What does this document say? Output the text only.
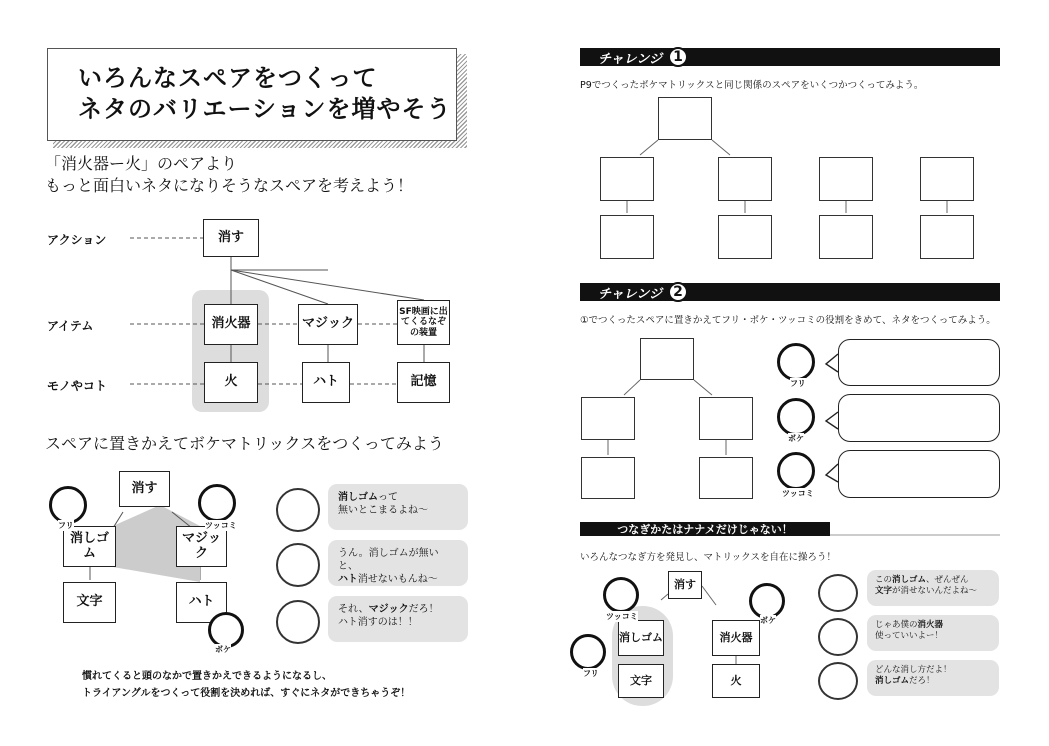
いろんなスペアをつくって
ネタのバリエーションを増やそう
「消火器ー火」のペアより
もっと面白いネタになりそうなスペアを考えよう！
アクション
アイテム
モノやコト
消す
消火器	マジック
SF映画に出てくるなぞの装置
火	ハト	記憶
スペアに置きかえてボケマトリックスをつくってみよう
消す
消しゴム
マジック
文字	ハト
フリ	ツッコミ
ボケ
消しゴムって
無いとこまるよね〜
うん。消しゴムが無いと、
ハト消せないもんね〜
それ、マジックだろ！
ハト消すのは！！
慣れてくると頭のなかで置きかえできるようになるし、
トライアングルをつくって役割を決めれば、すぐにネタができちゃうぞ！
チャレンジ 1
P9でつくったボケマトリックスと同じ関係のスペアをいくつかつくってみよう。
チャレンジ 2
①でつくったスペアに置きかえてフリ・ボケ・ツッコミの役割をきめて、ネタをつくってみよう。
フリ
ボケ
ツッコミ
つなぎかたはナナメだけじゃない！
いろんなつなぎ方を発見し、マトリックスを自在に操ろう！
消す
消しゴム	消火器
文字	火
ツッコミ	ボケ
フリ
この消しゴム、ぜんぜん
文字が消せないんだよね〜
じゃあ僕の消火器
使っていいよー！
どんな消し方だよ！
消しゴムだろ！
